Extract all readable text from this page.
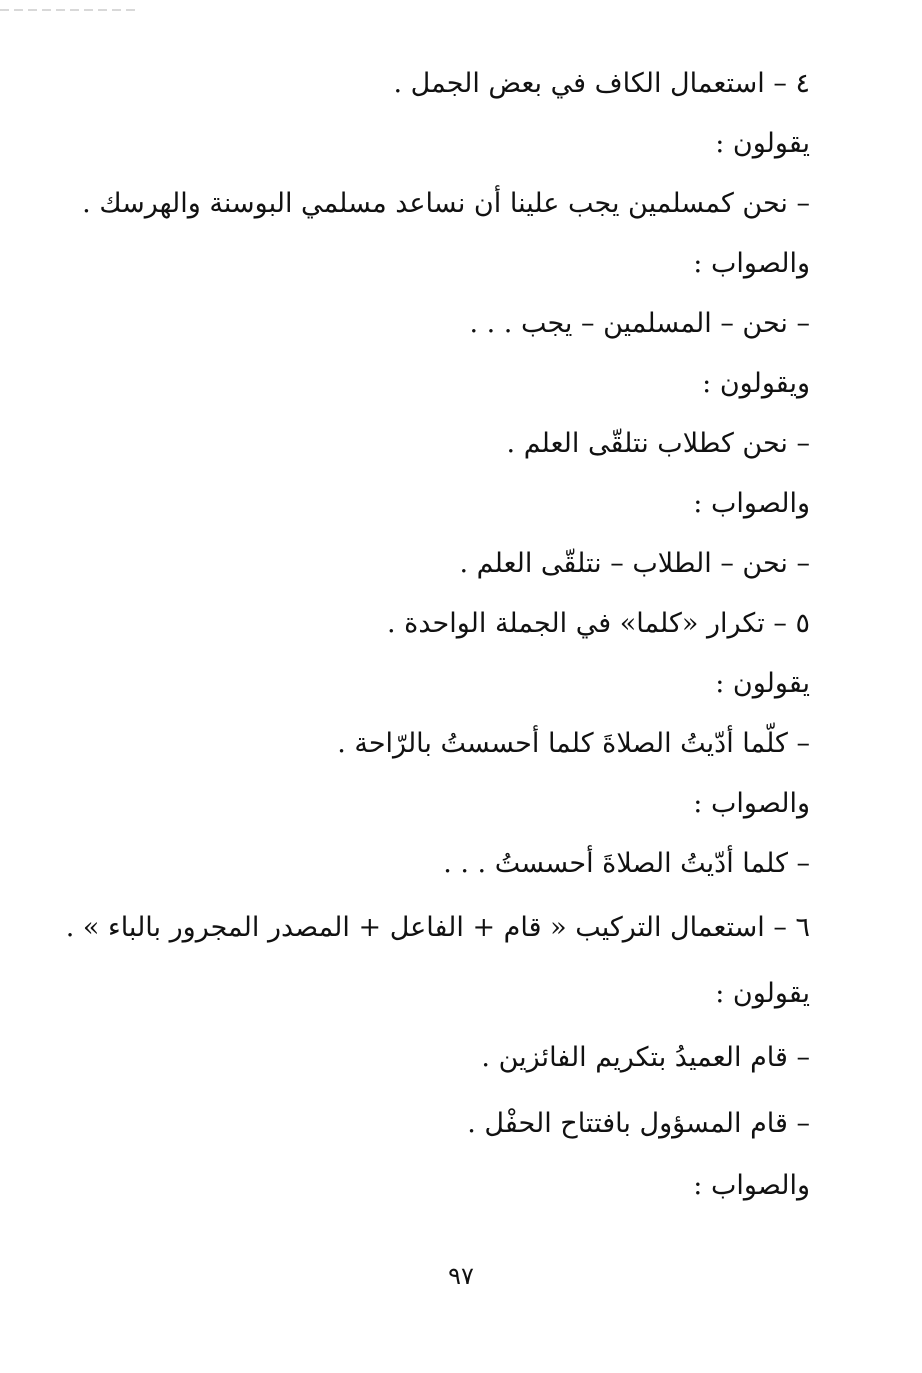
٤ – استعمال الكاف في بعض الجمل .
يقولون :
– نحن كمسلمين يجب علينا أن نساعد مسلمي البوسنة والهرسك .
والصواب :
– نحن – المسلمين – يجب . . .
ويقولون :
– نحن كطلاب نتلقّى العلم .
والصواب :
– نحن – الطلاب – نتلقّى العلم .
٥ – تكرار «كلما» في الجملة الواحدة .
يقولون :
– كلّما أدّيتُ الصلاةَ كلما أحسستُ بالرّاحة .
والصواب :
– كلما أدّيتُ الصلاةَ أحسستُ . . .
٦ – استعمال التركيب « قام + الفاعل + المصدر المجرور بالباء » .
يقولون :
– قام العميدُ بتكريم الفائزين .
– قام المسؤول بافتتاح الحفْل .
والصواب :
٩٧
